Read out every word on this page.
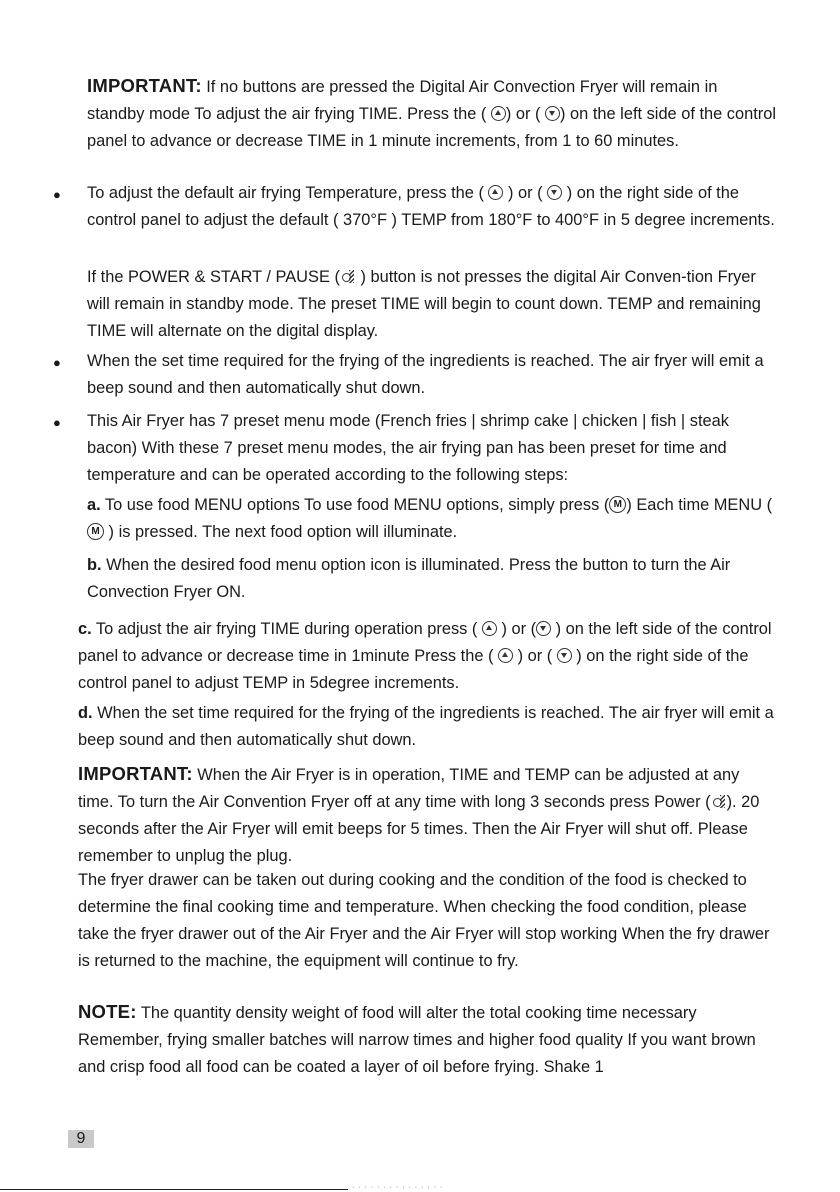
IMPORTANT: If no buttons are pressed the Digital Air Convection Fryer will remain in standby mode To adjust the air frying TIME. Press the ( ) or ( ) on the left side of the control panel to advance or decrease TIME in 1 minute increments, from 1 to 60 minutes.

● To adjust the default air frying Temperature, press the (  ) or (  ) on the right side of the control panel to adjust the default ( 370°F ) TEMP from 180°F to 400°F in 5 degree increments.

If the POWER & START / PAUSE ( ) button is not presses the digital Air Conven-tion Fryer will remain in standby mode. The preset TIME will begin to count down. TEMP and remaining TIME will alternate on the digital display.

● When the set time required for the frying of the ingredients is reached. The air fryer will emit a beep sound and then automatically shut down.

● This Air Fryer has 7 preset menu mode (French fries | shrimp cake | chicken | fish | steak bacon) With these 7 preset menu modes, the air frying pan has been preset for time and temperature and can be operated according to the following steps:

a. To use food MENU options To use food MENU options, simply press (M ) Each time MENU ( M ) is pressed. The next food option will illuminate.

b. When the desired food menu option icon is illuminated. Press the button to turn the Air Convection Fryer ON.

c. To adjust the air frying TIME during operation press (  ) or ( ) on the left side of the control panel to advance or decrease time in 1minute Press the (  ) or (  ) on the right side of the control panel to adjust TEMP in 5degree increments.

d. When the set time required for the frying of the ingredients is reached. The air fryer will emit a beep sound and then automatically shut down.

IMPORTANT: When the Air Fryer is in operation, TIME and TEMP can be adjusted at any time. To turn the Air Convention Fryer off at any time with long 3 seconds press Power ( ). 20 seconds after the Air Fryer will emit beeps for 5 times. Then the Air Fryer will shut off. Please remember to unplug the plug.

The fryer drawer can be taken out during cooking and the condition of the food is checked to determine the final cooking time and temperature. When checking the food condition, please take the fryer drawer out of the Air Fryer and the Air Fryer will stop working When the fry drawer is returned to the machine, the equipment will continue to fry.

NOTE: The quantity density weight of food will alter the total cooking time necessary Remember, frying smaller batches will narrow times and higher food quality If you want brown and crisp food all food can be coated a layer of oil before frying. Shake 1

9
· · · · · · · · · · · · · · ·
